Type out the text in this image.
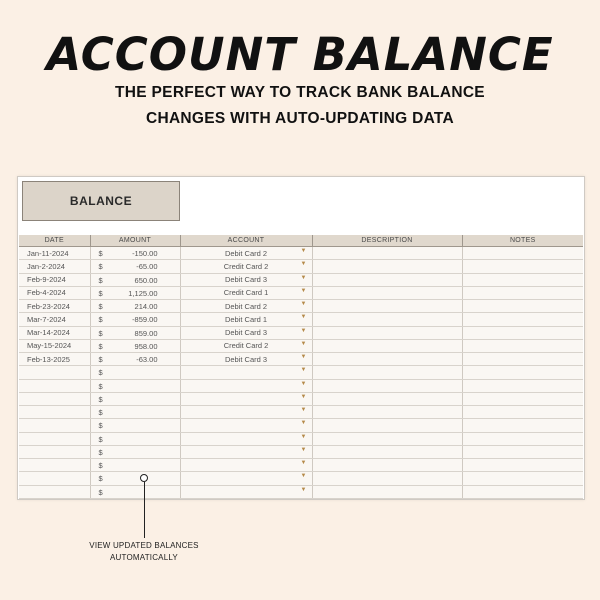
ACCOUNT BALANCE
THE PERFECT WAY TO TRACK BANK BALANCE
CHANGES WITH AUTO-UPDATING DATA
BALANCE
DATE	AMOUNT	ACCOUNT	DESCRIPTION	NOTES
Jan-11-2024	$ -150.00	Debit Card 2 ▼		

Jan-2-2024	$ -65.00	Credit Card 2 ▼		

Feb-9-2024	$ 650.00	Debit Card 3 ▼		

Feb-4-2024	$ 1,125.00	Credit Card 1 ▼		

Feb-23-2024	$ 214.00	Debit Card 2 ▼		

Mar-7-2024	$ -859.00	Debit Card 1 ▼		

Mar-14-2024	$ 859.00	Debit Card 3 ▼		

May-15-2024	$ 958.00	Credit Card 2 ▼		

Feb-13-2025	$ -63.00	Debit Card 3 ▼		

	$	▼		

	$	▼		

	$	▼		

	$	▼		

	$	▼		

	$	▼		

	$	▼		

	$	▼		

	$	▼		

	$	▼		

VIEW UPDATED BALANCES
AUTOMATICALLY
